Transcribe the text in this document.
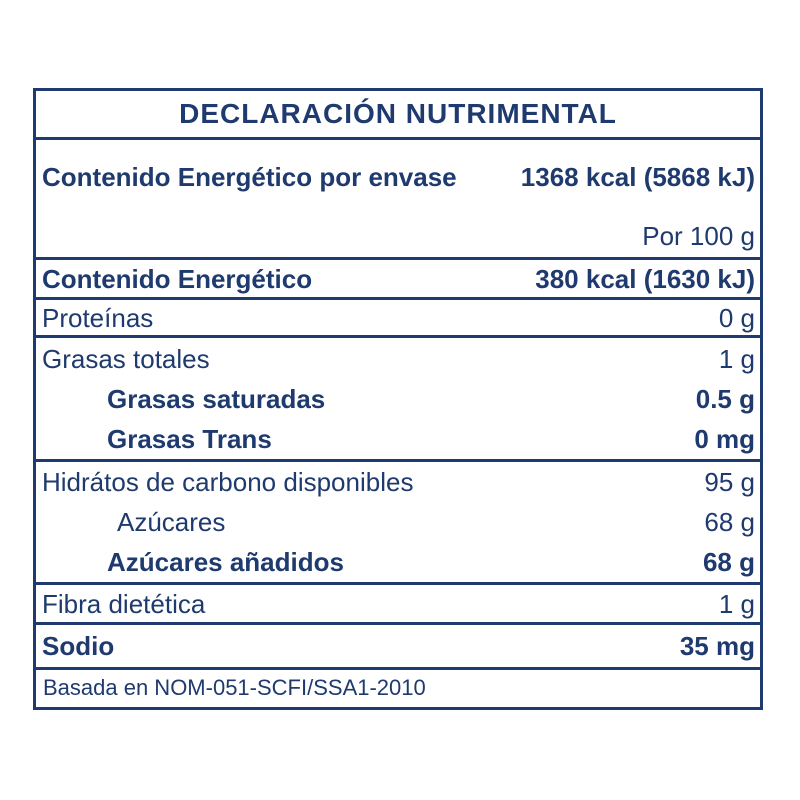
DECLARACIÓN NUTRIMENTAL
Contenido Energético por envase 1368 kcal (5868 kJ)
Por 100 g
Contenido Energético	380 kcal (1630 kJ)
Proteínas	0 g
Grasas totales	1 g
Grasas saturadas	0.5 g
Grasas Trans	0 mg
Hidrátos de carbono disponibles	95 g
Azúcares	68 g
Azúcares añadidos	68 g
Fibra dietética	1 g
Sodio	35 mg
Basada en NOM-051-SCFI/SSA1-2010
